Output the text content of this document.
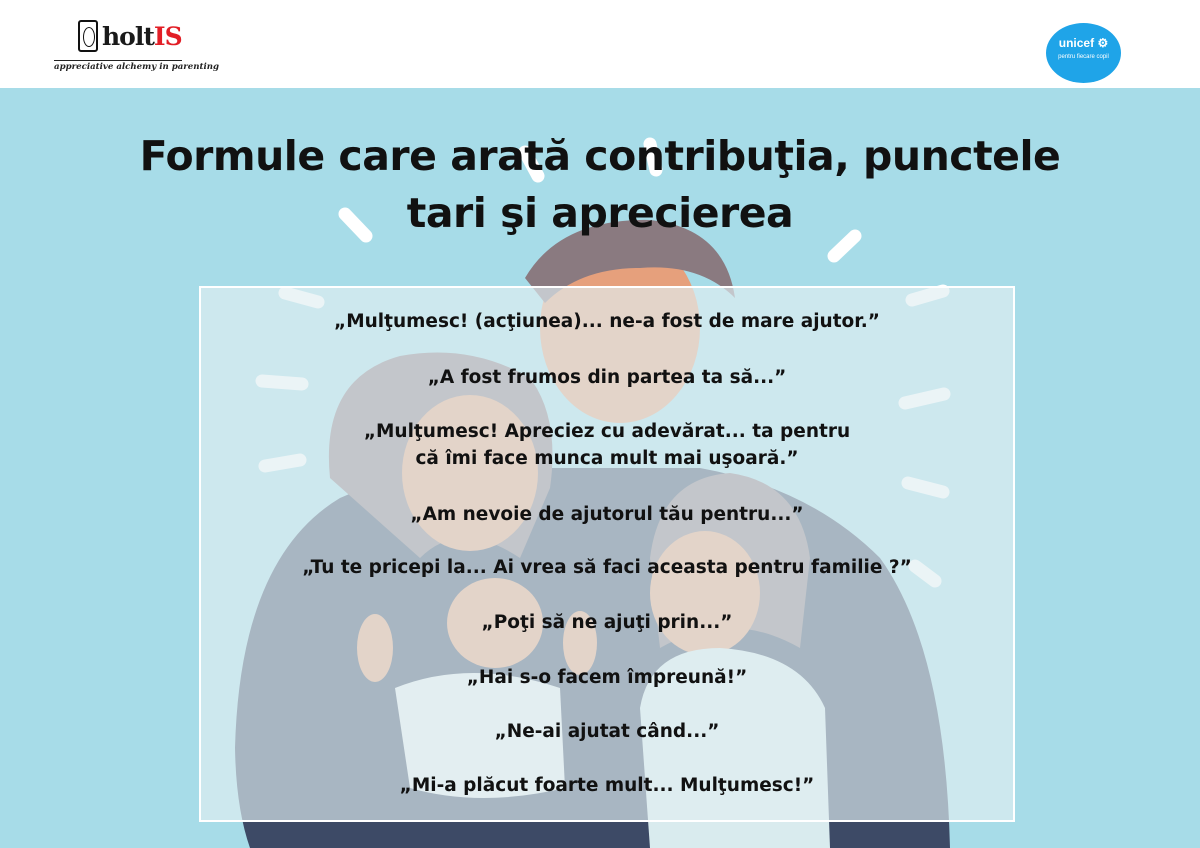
holtIS
appreciative alchemy in parenting
unicef ⚙
pentru fiecare copil
Formule care arată contribuţia, punctele
tari şi aprecierea
„Mulţumesc! (acţiunea)... ne-a fost de mare ajutor.”
„A fost frumos din partea ta să...”
„Mulţumesc! Apreciez cu adevărat... ta pentru
că îmi face munca mult mai uşoară.”
„Am nevoie de ajutorul tău pentru...”
„Tu te pricepi la... Ai vrea să faci aceasta pentru familie ?”
„Poţi să ne ajuţi prin...”
„Hai s-o facem împreună!”
„Ne-ai ajutat când...”
„Mi-a plăcut foarte mult... Mulţumesc!”
